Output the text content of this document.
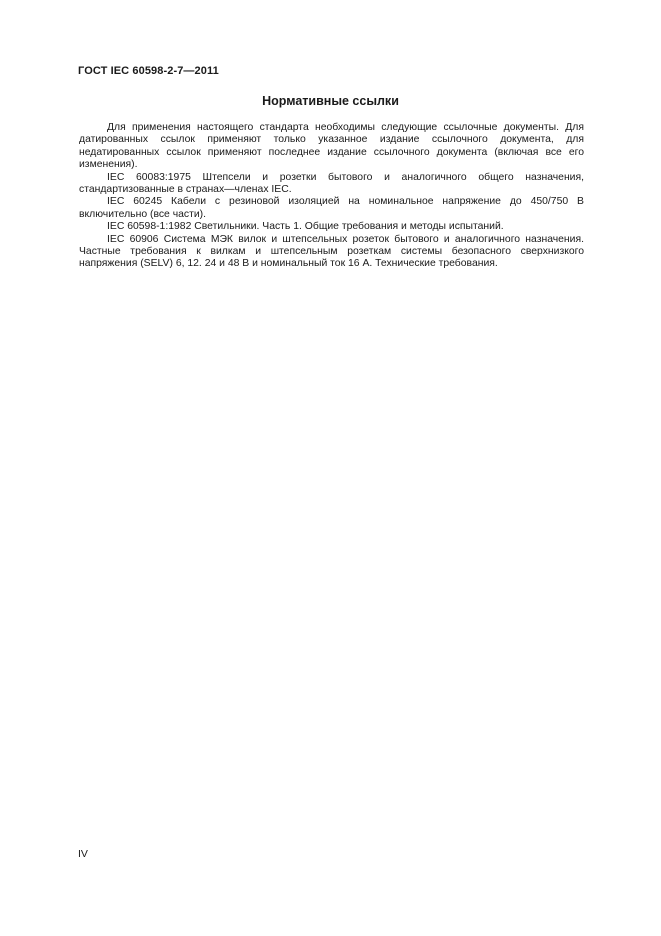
ГОСТ IEC 60598-2-7—2011
Нормативные ссылки

Для применения настоящего стандарта необходимы следующие ссылочные документы. Для датированных ссылок применяют только указанное издание ссылочного документа, для недатированных ссылок применяют последнее издание ссылочного документа (включая все его изменения).

IEC 60083:1975 Штепсели и розетки бытового и аналогичного общего назначения, стандартизованные в странах—членах IEC.

IEC 60245 Кабели с резиновой изоляцией на номинальное напряжение до 450/750 В включительно (все части).

IEC 60598-1:1982 Светильники. Часть 1. Общие требования и методы испытаний.

IEC 60906 Система МЭК вилок и штепсельных розеток бытового и аналогичного назначения. Частные требования к вилкам и штепсельным розеткам системы безопасного сверхнизкого напряжения (SELV) 6, 12. 24 и 48 В и номинальный ток 16 А. Технические требования.

IV
